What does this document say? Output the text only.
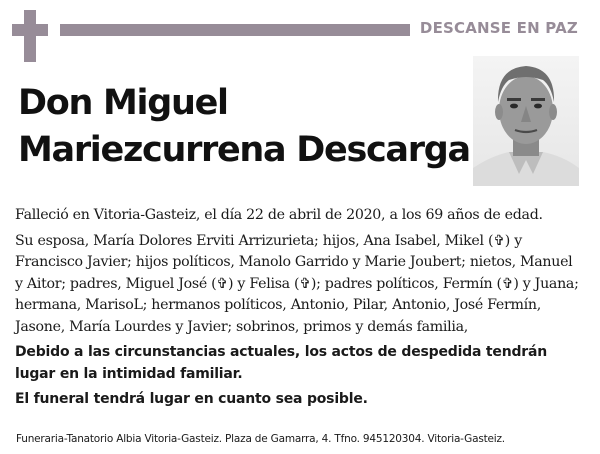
DESCANSE EN PAZ
Don Miguel
Mariezcurrena Descarga

Falleció en Vitoria-Gasteiz, el día 22 de abril de 2020, a los 69 años de edad.

Su esposa, María Dolores Erviti Arrizurieta; hijos, Ana Isabel, Mikel (✞) y Francisco Javier; hijos políticos, Manolo Garrido y Marie Joubert; nietos, Manuel y Aitor; padres, Miguel José (✞) y Felisa (✞); padres políticos, Fermín (✞) y Juana; hermana, MarisoL; hermanos políticos, Antonio, Pilar, Antonio, José Fermín, Jasone, María Lourdes y Javier; sobrinos, primos y demás familia,

Debido a las circunstancias actuales, los actos de despedida tendrán lugar en la intimidad familiar.

El funeral tendrá lugar en cuanto sea posible.

Funeraria-Tanatorio Albia Vitoria-Gasteiz. Plaza de Gamarra, 4. Tfno. 945120304. Vitoria-Gasteiz.
